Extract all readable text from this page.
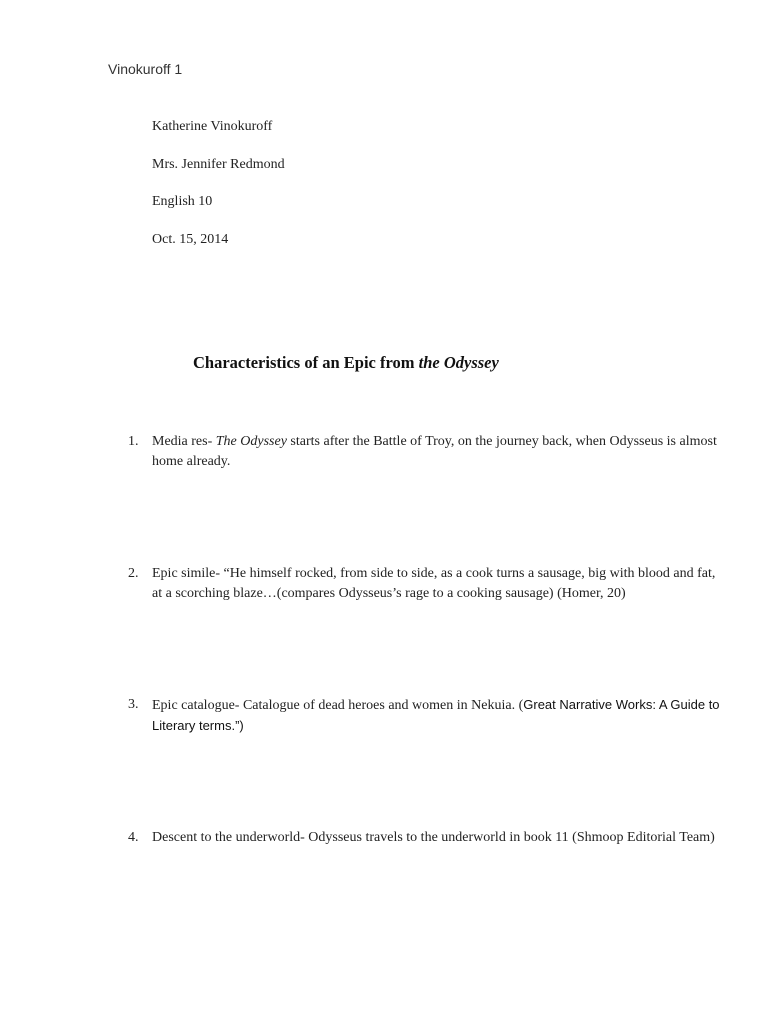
Vinokuroff 1
Katherine Vinokuroff
Mrs. Jennifer Redmond
English 10
Oct. 15, 2014
Characteristics of an Epic from the Odyssey
1. Media res- The Odyssey starts after the Battle of Troy, on the journey back, when Odysseus is almost home already.
2. Epic simile- “He himself rocked, from side to side, as a cook turns a sausage, big with blood and fat, at a scorching blaze…(compares Odysseus’s rage to a cooking sausage) (Homer, 20)
3. Epic catalogue- Catalogue of dead heroes and women in Nekuia. (Great Narrative Works: A Guide to Literary terms.”)
4. Descent to the underworld- Odysseus travels to the underworld in book 11 (Shmoop Editorial Team)
